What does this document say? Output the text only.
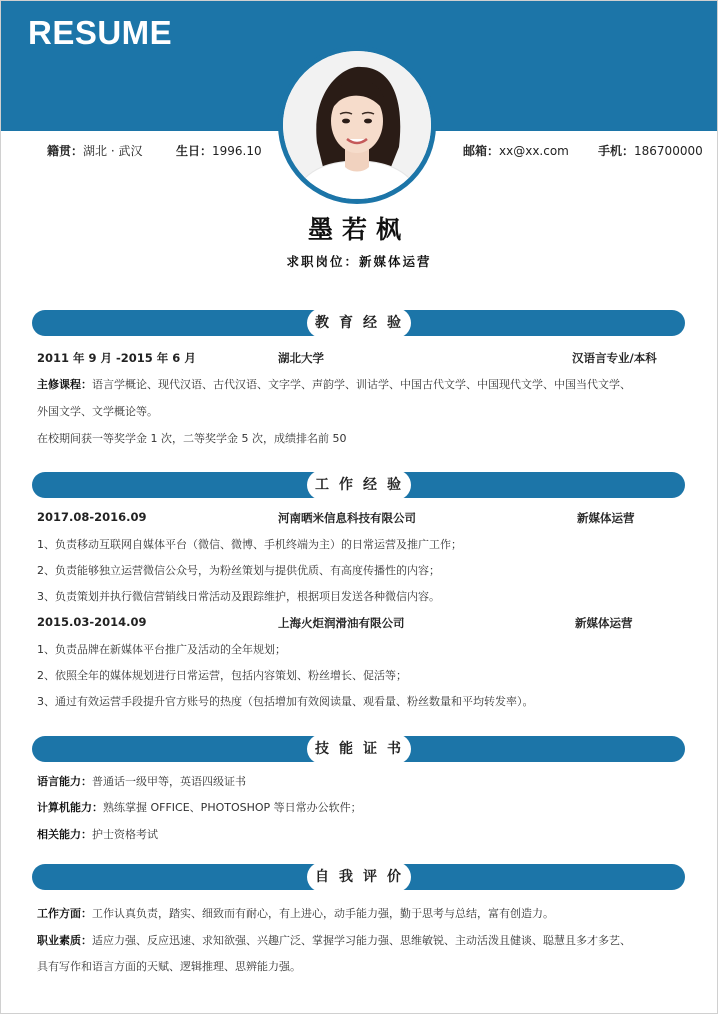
RESUME
籍贯：湖北 · 武汉	生日：1996.10	邮箱：xx@xx.com 手机：186700000
墨若枫
求职岗位：新媒体运营
教育经验
2011 年 9 月 -2015 年 6 月	湖北大学	汉语言专业/本科
主修课程：语言学概论、现代汉语、古代汉语、文字学、声韵学、训诂学、中国古代文学、中国现代文学、中国当代文学、
外国文学、文学概论等。
在校期间获一等奖学金 1 次，二等奖学金 5 次，成绩排名前 50
工作经验
2017.08-2016.09	河南晒米信息科技有限公司	新媒体运营
1、负责移动互联网自媒体平台（微信、微博、手机终端为主）的日常运营及推广工作；
2、负责能够独立运营微信公众号，为粉丝策划与提供优质、有高度传播性的内容；
3、负责策划并执行微信营销线日常活动及跟踪维护，根据项目发送各种微信内容。
2015.03-2014.09	上海火炬润滑油有限公司	新媒体运营
1、负责品牌在新媒体平台推广及活动的全年规划；
2、依照全年的媒体规划进行日常运营，包括内容策划、粉丝增长、促活等；
3、通过有效运营手段提升官方账号的热度（包括增加有效阅读量、观看量、粉丝数量和平均转发率）。
技能证书
语言能力：普通话一级甲等，英语四级证书
计算机能力：熟练掌握 OFFICE、PHOTOSHOP 等日常办公软件；
相关能力：护士资格考试
自我评价
工作方面：工作认真负责，踏实、细致而有耐心，有上进心，动手能力强，勤于思考与总结，富有创造力。
职业素质：适应力强、反应迅速、求知欲强、兴趣广泛、掌握学习能力强、思维敏锐、主动活泼且健谈、聪慧且多才多艺、
具有写作和语言方面的天赋、逻辑推理、思辨能力强。
